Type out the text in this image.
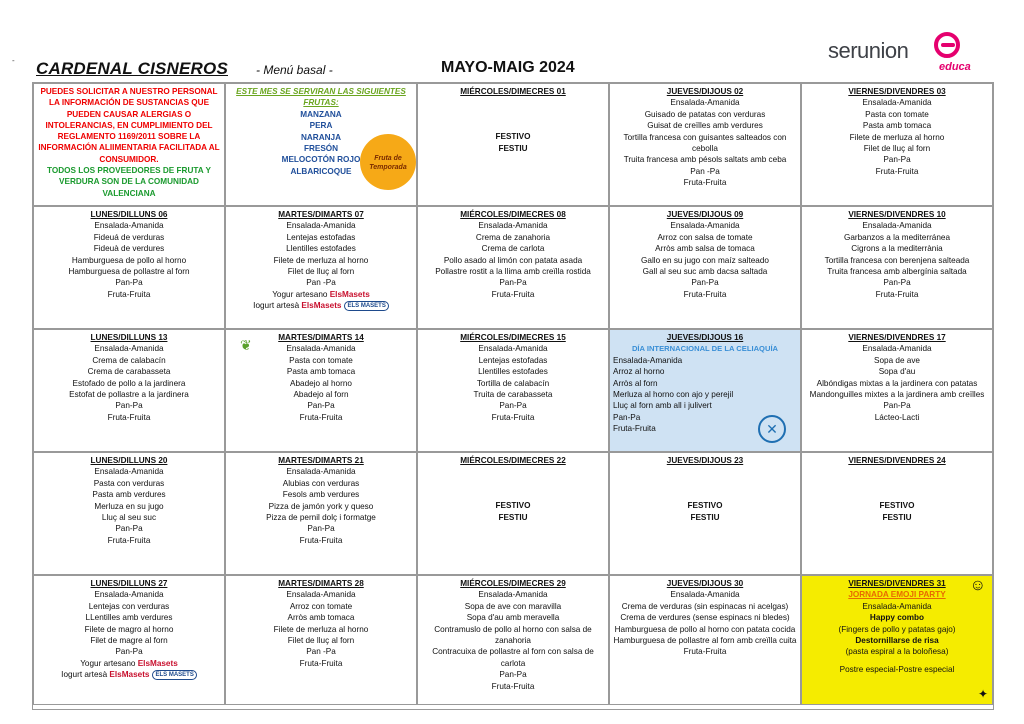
- CARDENAL CISNEROS - Menú basal -	MAYO-MAIG 2024
serunion
educa
PUEDES SOLICITAR A NUESTRO PERSONAL LA INFORMACIÓN DE SUSTANCIAS QUE PUEDEN CAUSAR ALERGIAS O INTOLERANCIAS, EN CUMPLIMIENTO DEL REGLAMENTO 1169/2011 SOBRE LA INFORMACIÓN ALIIMENTARIA FACILITADA AL CONSUMIDOR.
TODOS LOS PROVEEDORES DE FRUTA Y VERDURA SON DE LA COMUNIDAD VALENCIANA
ESTE MES SE SERVIRAN LAS SIGUIENTES FRUTAS:
MANZANA
PERA
NARANJA
FRESÓN
MELOCOTÓN ROJO
ALBARICOQUE
Fruta de Temporada
MIÉRCOLES/DIMECRES 01
FESTIVO
FESTIU
JUEVES/DIJOUS 02
Ensalada-Amanida
Guisado de patatas con verduras
Guisat de creïlles amb verdures
Tortilla francesa con guisantes salteados con cebolla
Truita francesa amb pésols saltats amb ceba
Pan -Pa
Fruta-Fruita
VIERNES/DIVENDRES 03
Ensalada-Amanida
Pasta con tomate
Pasta amb tomaca
Filete de merluza al horno
Filet de lluç al forn
Pan-Pa
Fruta-Fruita
LUNES/DILLUNS 06
Ensalada-Amanida
Fideuá de verduras
Fideuà de verdures
Hamburguesa de pollo al horno
Hamburguesa de pollastre al forn
Pan-Pa
Fruta-Fruita
MARTES/DIMARTS 07
Ensalada-Amanida
Lentejas estofadas
Llentilles estofades
Filete de merluza al horno
Filet de lluç al forn
Pan -Pa
Yogur artesano ElsMasets
Iogurt artesà ElsMasets ELS MASETS
MIÉRCOLES/DIMECRES 08
Ensalada-Amanida
Crema de zanahoria
Crema de carlota
Pollo asado al limón con patata asada
Pollastre rostit a la llima amb creïlla rostida
Pan-Pa
Fruta-Fruita
JUEVES/DIJOUS 09
Ensalada-Amanida
Arroz con salsa de tomate
Arròs amb salsa de tomaca
Gallo en su jugo con maíz salteado
Gall al seu suc amb dacsa saltada
Pan-Pa
Fruta-Fruita
VIERNES/DIVENDRES 10
Ensalada-Amanida
Garbanzos a la mediterránea
Cigrons a la mediterrània
Tortilla francesa con berenjena salteada
Truita francesa amb albergínia saltada
Pan-Pa
Fruta-Fruita
LUNES/DILLUNS 13
Ensalada-Amanida
Crema de calabacín
Crema de carabasseta
Estofado de pollo a la jardinera
Estofat de pollastre a la jardinera
Pan-Pa
Fruta-Fruita
❦	MARTES/DIMARTS 14
Ensalada-Amanida
Pasta con tomate
Pasta amb tomaca
Abadejo al horno
Abadejo al forn
Pan-Pa
Fruta-Fruita
MIÉRCOLES/DIMECRES 15
Ensalada-Amanida
Lentejas estofadas
Llentilles estofades
Tortilla de calabacín
Truita de carabasseta
Pan-Pa
Fruta-Fruita
JUEVES/DIJOUS 16
DÍA INTERNACIONAL DE LA CELIAQUÍA
Ensalada-Amanida
Arroz al horno
Arròs al forn
Merluza al horno con ajo y perejil
Lluç al forn amb all i julivert
Pan-Pa
Fruta-Fruita	✕
VIERNES/DIVENDRES 17
Ensalada-Amanida
Sopa de ave
Sopa d'au
Albóndigas mixtas a la jardinera con patatas
Mandonguilles mixtes a la jardinera amb creïlles
Pan-Pa
Lácteo-Lacti
LUNES/DILLUNS 20
Ensalada-Amanida
Pasta con verduras
Pasta amb verdures
Merluza en su jugo
Lluç al seu suc
Pan-Pa
Fruta-Fruita
MARTES/DIMARTS 21
Ensalada-Amanida
Alubias con verduras
Fesols amb verdures
Pizza de jamón york y queso
Pizza de pernil dolç i formatge
Pan-Pa
Fruta-Fruita
MIÉRCOLES/DIMECRES 22
FESTIVO
FESTIU
JUEVES/DIJOUS 23
FESTIVO
FESTIU
VIERNES/DIVENDRES 24
FESTIVO
FESTIU
LUNES/DILLUNS 27
Ensalada-Amanida
Lentejas con verduras
LLentilles amb verdures
Filete de magro al horno
Filet de magre al forn
Pan-Pa
Yogur artesano ElsMasets
Iogurt artesà ElsMasets ELS MASETS
MARTES/DIMARTS 28
Ensalada-Amanida
Arroz con tomate
Arròs amb tomaca
Filete de merluza al horno
Filet de lluç al forn
Pan -Pa
Fruta-Fruita
MIÉRCOLES/DIMECRES 29
Ensalada-Amanida
Sopa de ave con maravilla
Sopa d'au amb meravella
Contramuslo de pollo al horno con salsa de zanahoria
Contracuixa de pollastre al forn con salsa de carlota
Pan-Pa
Fruta-Fruita
JUEVES/DIJOUS 30
Ensalada-Amanida
Crema de verduras (sin espinacas ni acelgas)
Crema de verdures (sense espinacs ni bledes)
Hamburguesa de pollo al horno con patata cocida
Hamburguesa de pollastre al forn amb creïlla cuita
Fruta-Fruita
☺
VIERNES/DIVENDRES 31
JORNADA EMOJI PARTY
Ensalada-Amanida
Happy combo
(Fingers de pollo y patatas gajo)
Destornillarse de risa
(pasta espiral a la boloñesa)
Postre especial-Postre especial
✦
